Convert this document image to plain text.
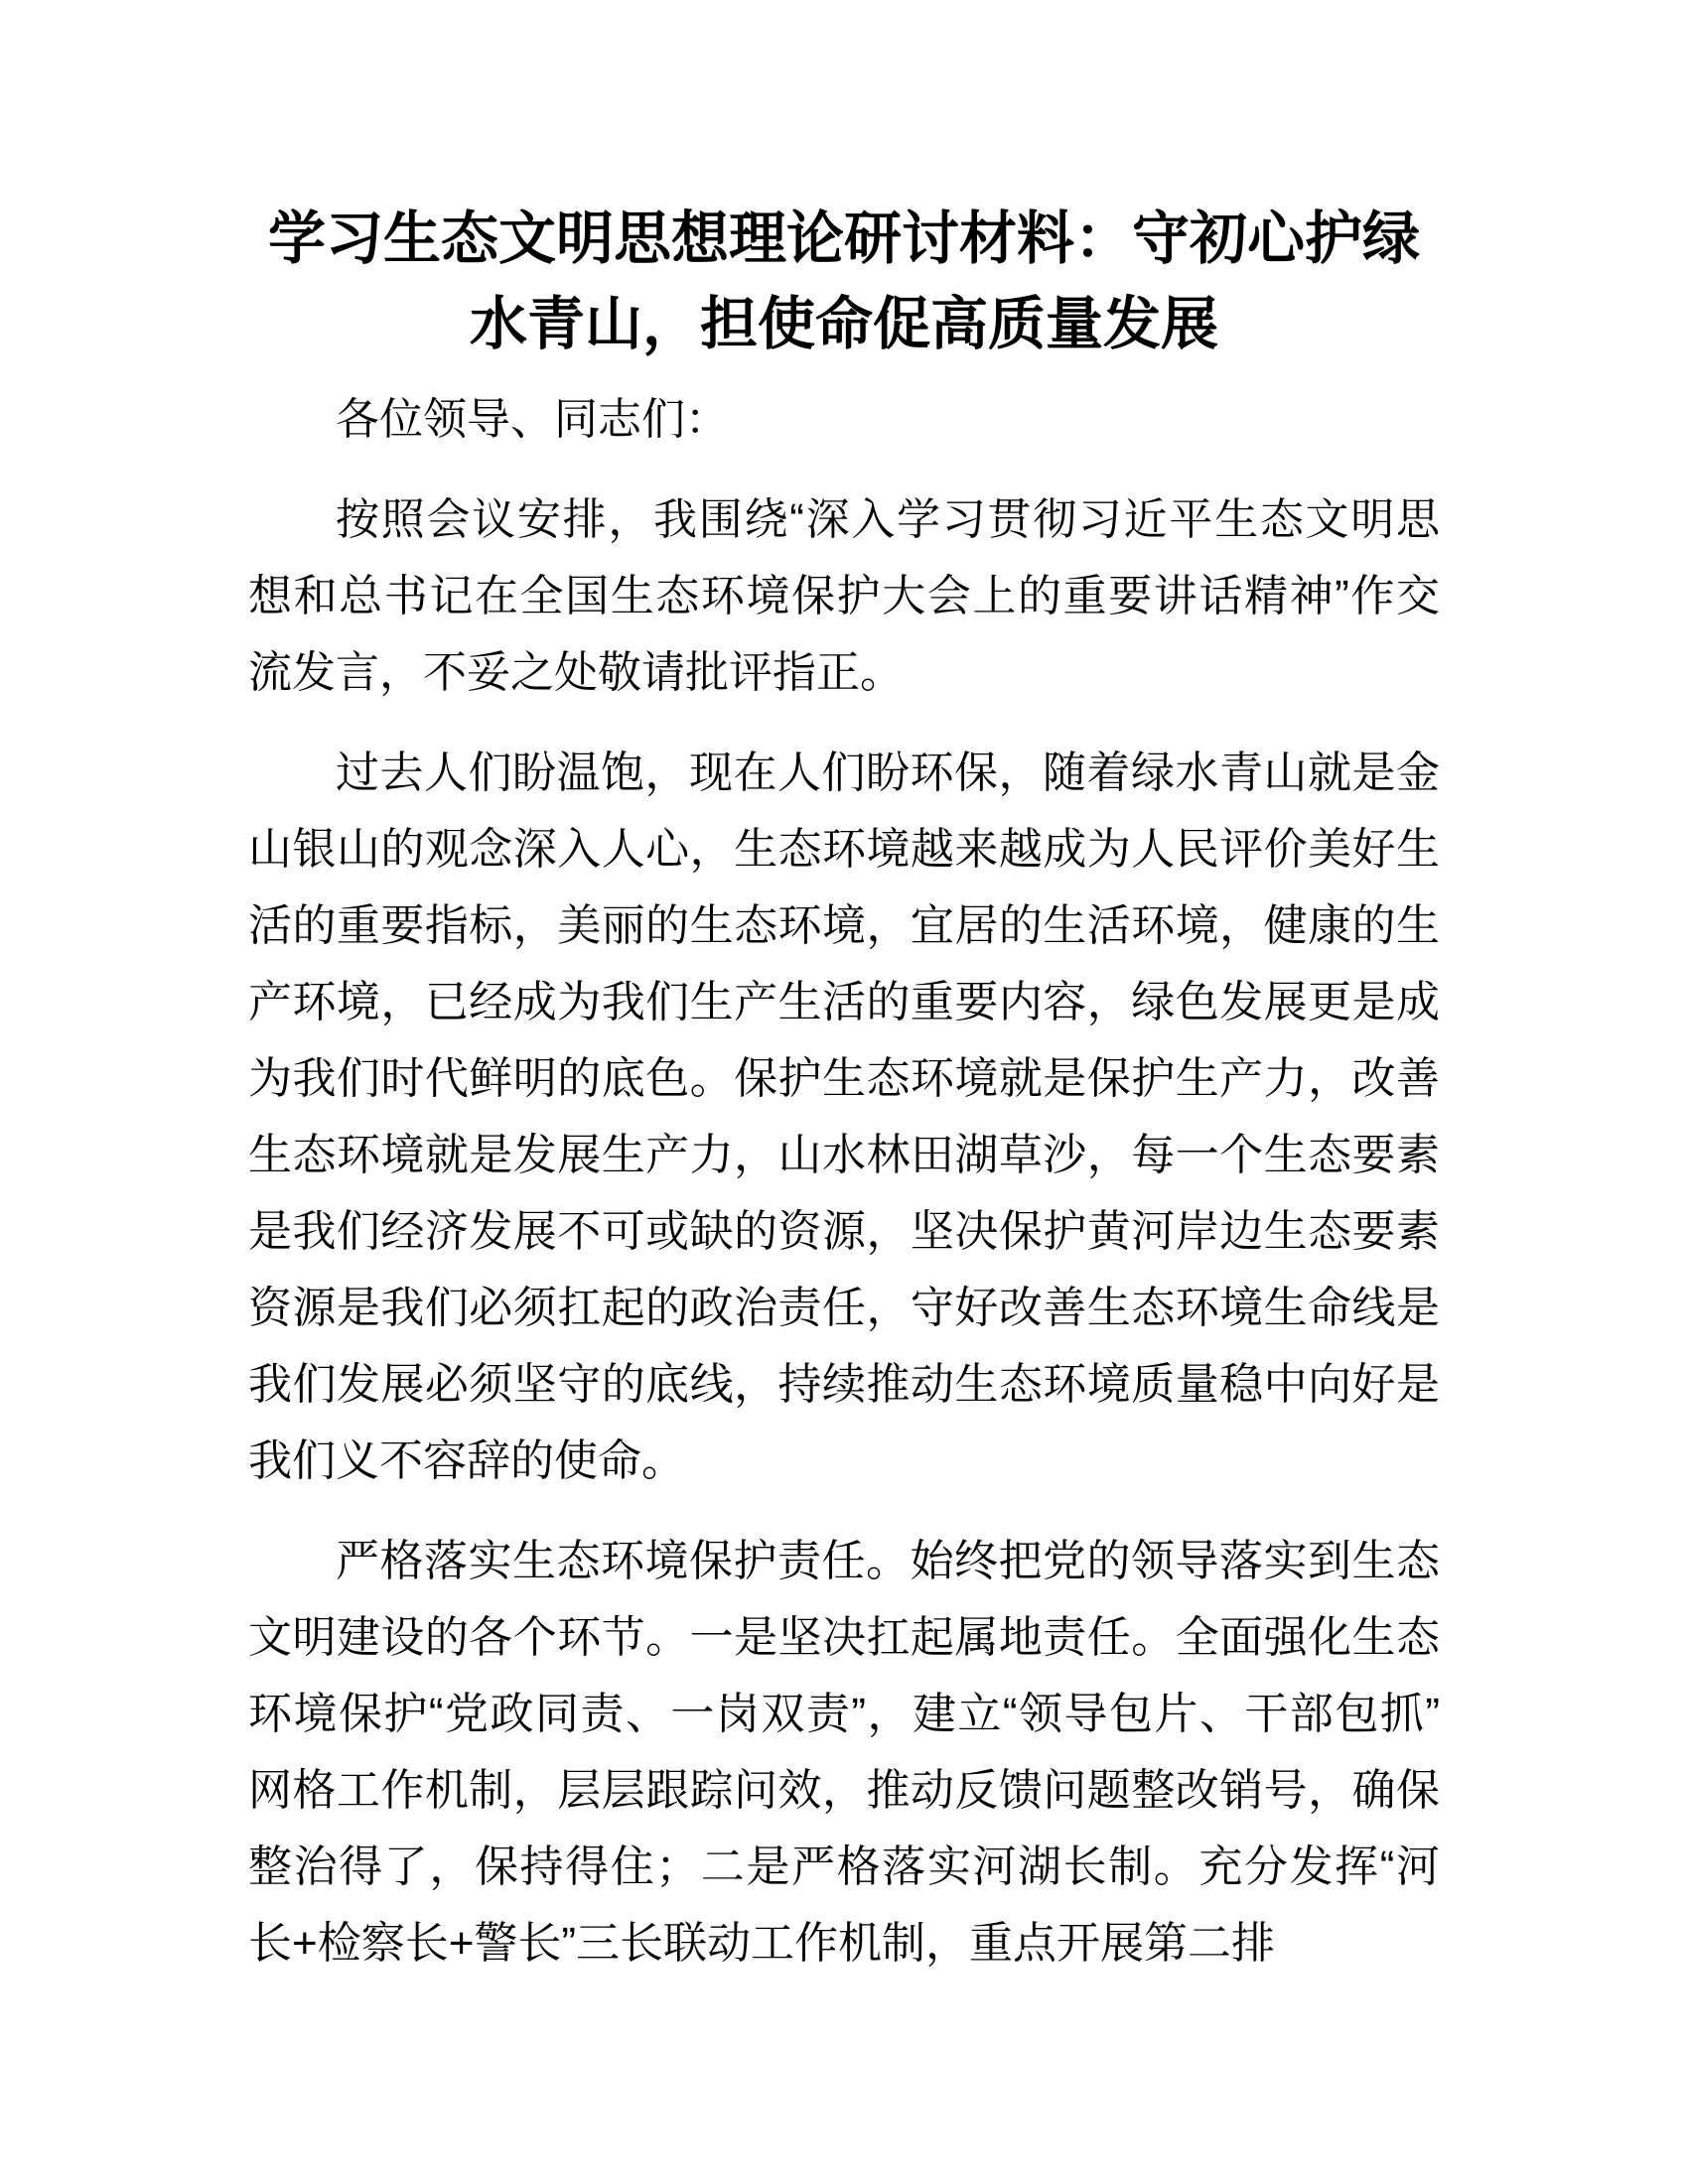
学习生态文明思想理论研讨材料：守初心护绿水青山，担使命促高质量发展

各位领导、同志们：

按照会议安排，我围绕“深入学习贯彻习近平生态文明思想和总书记在全国生态环境保护大会上的重要讲话精神”作交流发言，不妥之处敬请批评指正。

过去人们盼温饱，现在人们盼环保，随着绿水青山就是金山银山的观念深入人心，生态环境越来越成为人民评价美好生活的重要指标，美丽的生态环境，宜居的生活环境，健康的生产环境，已经成为我们生产生活的重要内容，绿色发展更是成为我们时代鲜明的底色。保护生态环境就是保护生产力，改善生态环境就是发展生产力，山水林田湖草沙，每一个生态要素是我们经济发展不可或缺的资源，坚决保护黄河岸边生态要素资源是我们必须扛起的政治责任，守好改善生态环境生命线是我们发展必须坚守的底线，持续推动生态环境质量稳中向好是我们义不容辞的使命。

严格落实生态环境保护责任。始终把党的领导落实到生态文明建设的各个环节。一是坚决扛起属地责任。全面强化生态环境保护“党政同责、一岗双责”，建立“领导包片、干部包抓”网格工作机制，层层跟踪问效，推动反馈问题整改销号，确保整治得了，保持得住；二是严格落实河湖长制。充分发挥“河长+检察长+警长”三长联动工作机制，重点开展第二排
